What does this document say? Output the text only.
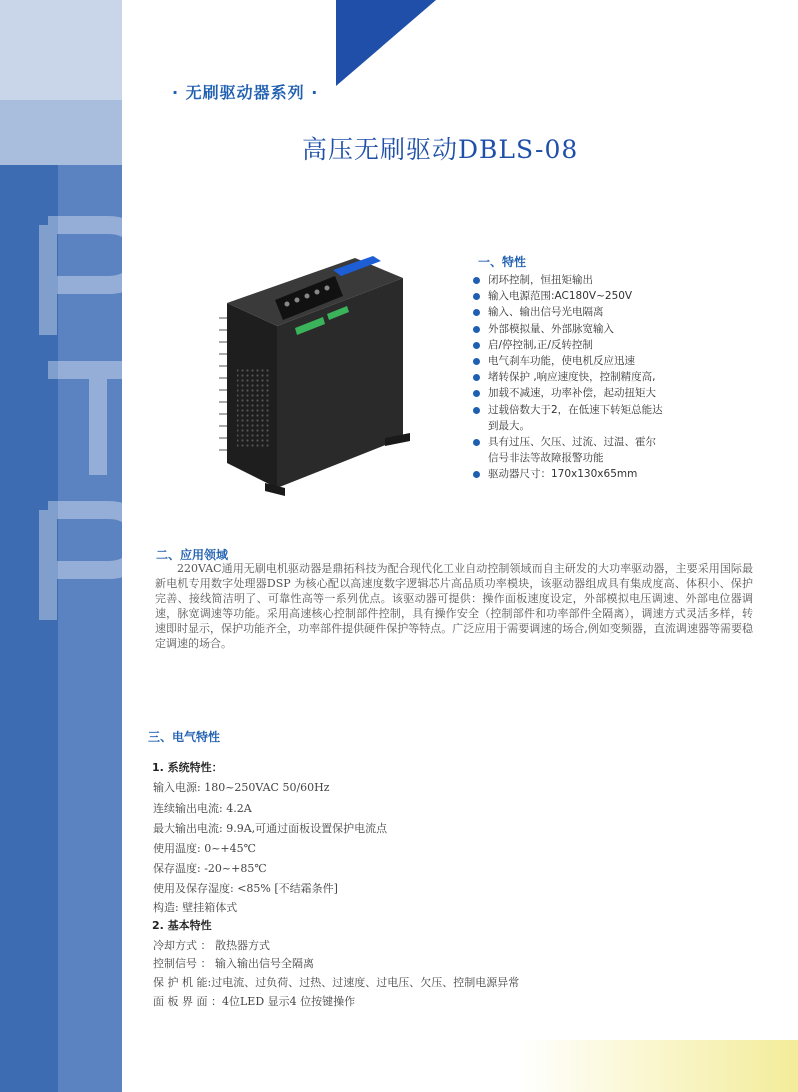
· 无刷驱动器系列 ·
高压无刷驱动DBLS-08
一、特性
闭环控制，恒扭矩输出
输入电源范围:AC180V~250V
输入、输出信号光电隔离
外部模拟量、外部脉宽输入
启/停控制,正/反转控制
电气刹车功能，使电机反应迅速
堵转保护 ,响应速度快，控制精度高,
加载不减速，功率补偿，起动扭矩大
过载倍数大于2，在低速下转矩总能达
到最大。
具有过压、欠压、过流、过温、霍尔
信号非法等故障报警功能
驱动器尺寸：170x130x65mm
二、应用领域

220VAC通用无刷电机驱动器是鼎拓科技为配合现代化工业自动控制领域而自主研发的大功率驱动器，主要采用国际最新电机专用数字处理器DSP 为核心配以高速度数字逻辑芯片高品质功率模块，该驱动器组成具有集成度高、体积小、保护完善、接线简洁明了、可靠性高等一系列优点。该驱动器可提供：操作面板速度设定，外部模拟电压调速、外部电位器调速，脉宽调速等功能。采用高速核心控制部件控制，具有操作安全（控制部件和功率部件全隔离），调速方式灵活多样，转速即时显示，保护功能齐全，功率部件提供硬件保护等特点。广泛应用于需要调速的场合,例如变频器，直流调速器等需要稳定调速的场合。

三、电气特性
1. 系统特性：
输入电源: 180~250VAC 50/60Hz
连续输出电流: 4.2A
最大输出电流: 9.9A,可通过面板设置保护电流点
使用温度: 0~+45℃
保存温度: -20~+85℃
使用及保存湿度: <85% [不结霜条件]
构造: 壁挂箱体式
2. 基本特性
冷却方式 ： 散热器方式
控制信号 ： 输入输出信号全隔离
保 护 机 能:过电流、过负荷、过热、过速度、过电压、欠压、控制电源异常
面 板 界 面 ：4位LED 显示4 位按键操作
